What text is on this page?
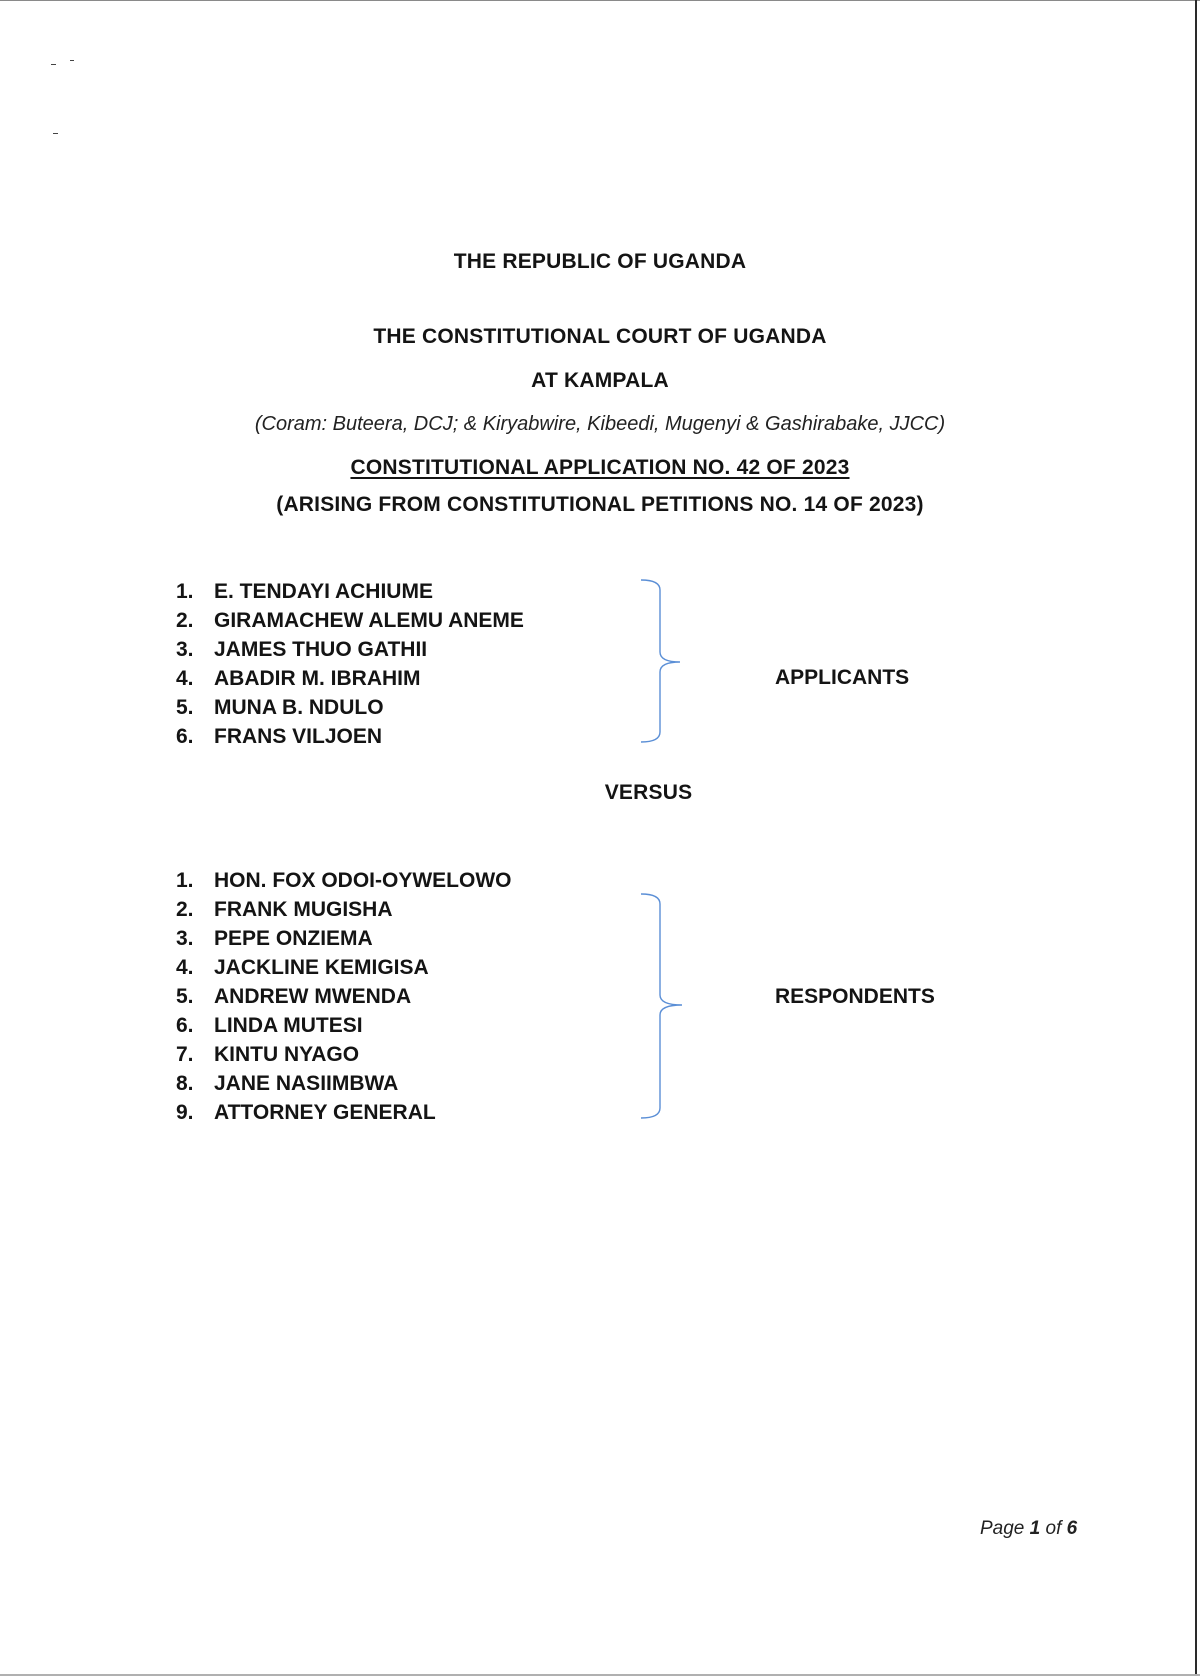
THE REPUBLIC OF UGANDA
THE CONSTITUTIONAL COURT OF UGANDA
AT KAMPALA
(Coram: Buteera, DCJ; & Kiryabwire, Kibeedi, Mugenyi & Gashirabake, JJCC)
CONSTITUTIONAL APPLICATION NO. 42 OF 2023
(ARISING FROM CONSTITUTIONAL PETITIONS NO. 14 OF 2023)
1. E. TENDAYI ACHIUME
2. GIRAMACHEW ALEMU ANEME
3. JAMES THUO GATHII
4. ABADIR M. IBRAHIM
5. MUNA B. NDULO
6. FRANS VILJOEN
APPLICANTS
VERSUS
1. HON. FOX ODOI-OYWELOWO
2. FRANK MUGISHA
3. PEPE ONZIEMA
4. JACKLINE KEMIGISA
5. ANDREW MWENDA
6. LINDA MUTESI
7. KINTU NYAGO
8. JANE NASIIMBWA
9. ATTORNEY GENERAL
RESPONDENTS
Page 1 of 6
